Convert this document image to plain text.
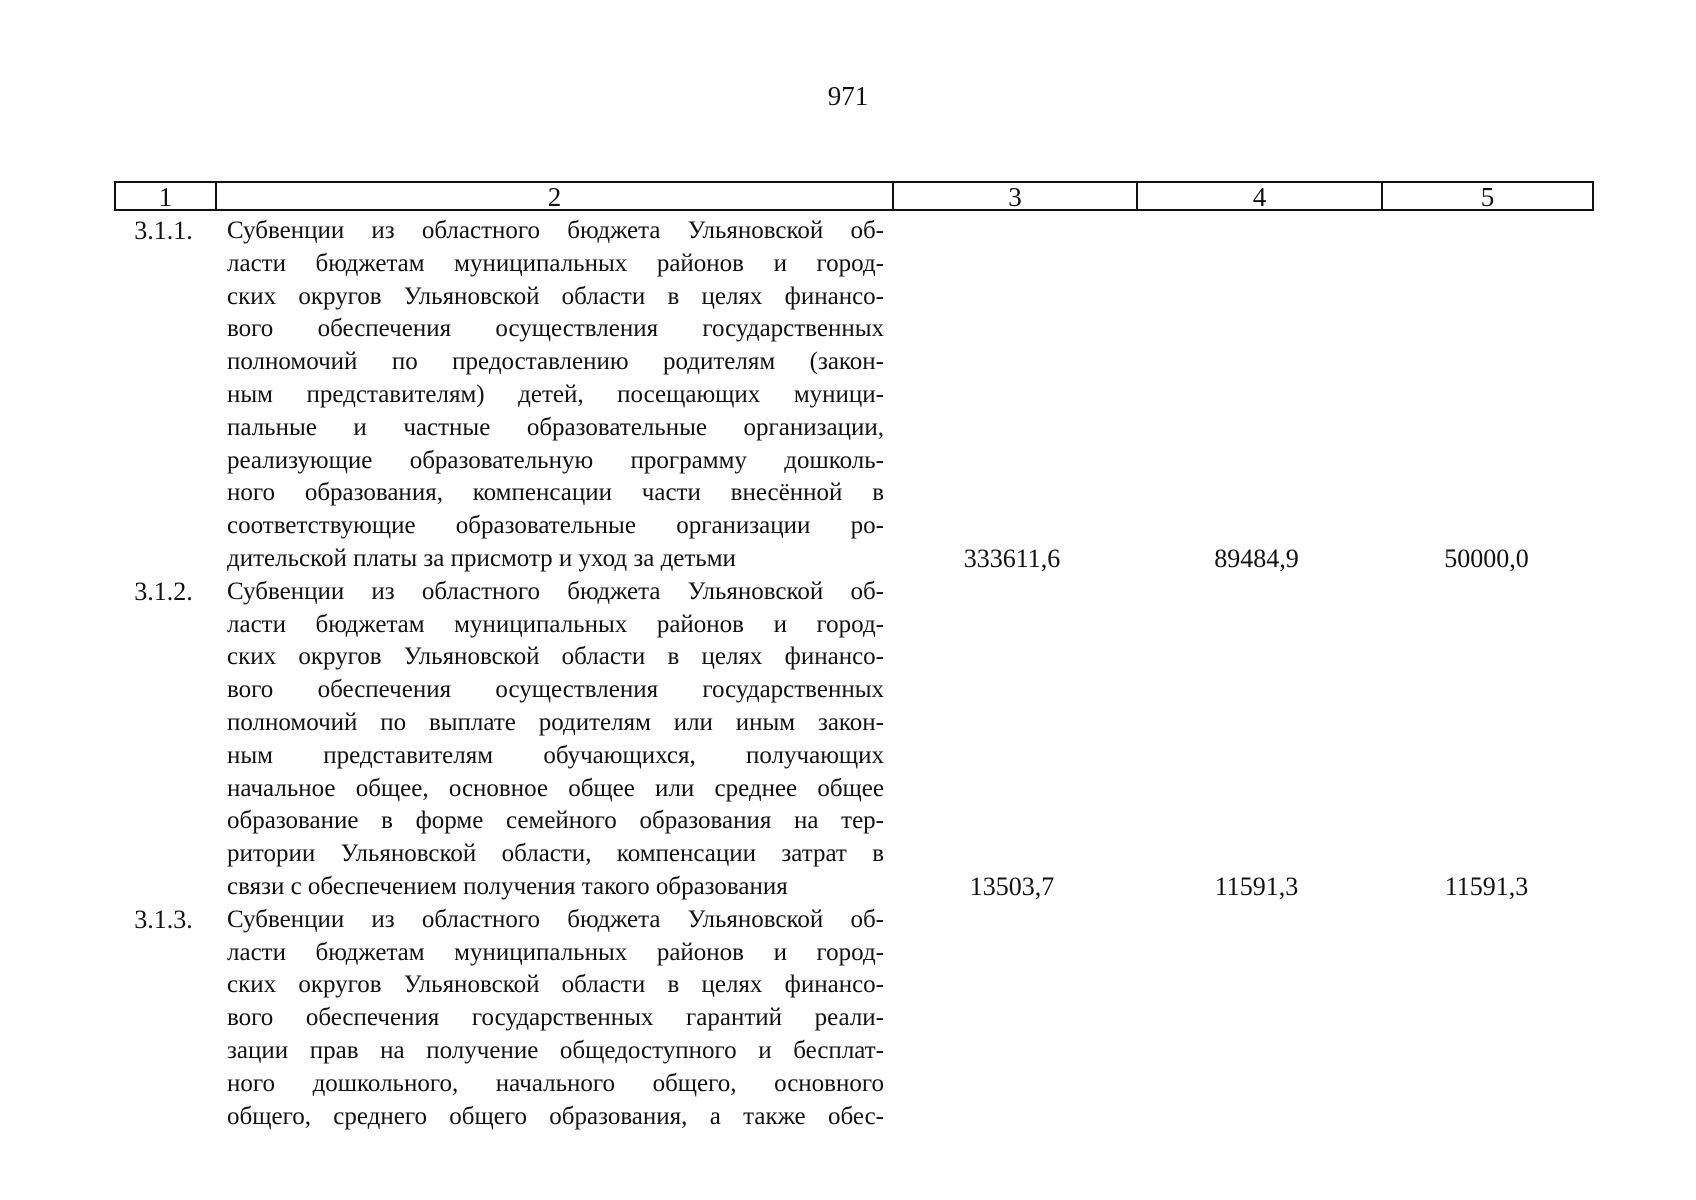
971
1	2	3	4	5
3.1.1.	Субвенции из областного бюджета Ульяновской об-
ласти бюджетам муниципальных районов и город-
ских округов Ульяновской области в целях финансо-
вого обеспечения осуществления государственных
полномочий по предоставлению родителям (закон-
ным представителям) детей, посещающих муници-
пальные и частные образовательные организации,
реализующие образовательную программу дошколь-
ного образования, компенсации части внесённой в
соответствующие образовательные организации ро-
дительской платы за присмотр и уход за детьми	333611,6	89484,9	50000,0
3.1.2.	Субвенции из областного бюджета Ульяновской об-
ласти бюджетам муниципальных районов и город-
ских округов Ульяновской области в целях финансо-
вого обеспечения осуществления государственных
полномочий по выплате родителям или иным закон-
ным представителям обучающихся, получающих
начальное общее, основное общее или среднее общее
образование в форме семейного образования на тер-
ритории Ульяновской области, компенсации затрат в
связи с обеспечением получения такого образования	13503,7	11591,3	11591,3
3.1.3.	Субвенции из областного бюджета Ульяновской об-
ласти бюджетам муниципальных районов и город-
ских округов Ульяновской области в целях финансо-
вого обеспечения государственных гарантий реали-
зации прав на получение общедоступного и бесплат-
ного дошкольного, начального общего, основного
общего, среднего общего образования, а также обес-
